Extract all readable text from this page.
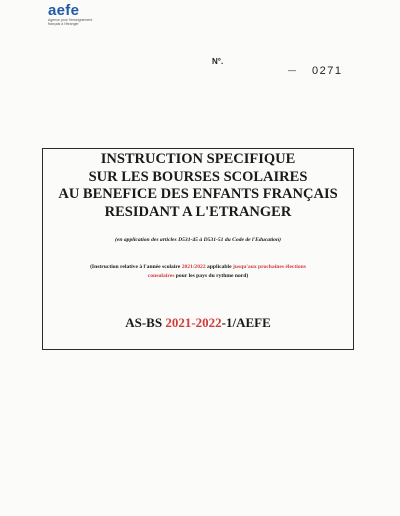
aefe
Agence pour l'enseignement français à l'étranger
N°.
— 0271
INSTRUCTION SPECIFIQUE
SUR LES BOURSES SCOLAIRES
AU BENEFICE DES ENFANTS FRANÇAIS
RESIDANT A L'ETRANGER
(en application des articles D531-45 à D531-51 du Code de l'Education)
(Instruction relative à l'année scolaire 2021/2022 applicable jusqu'aux prochaines élections
consulaires pour les pays du rythme nord)
AS-BS 2021-2022-1/AEFE
